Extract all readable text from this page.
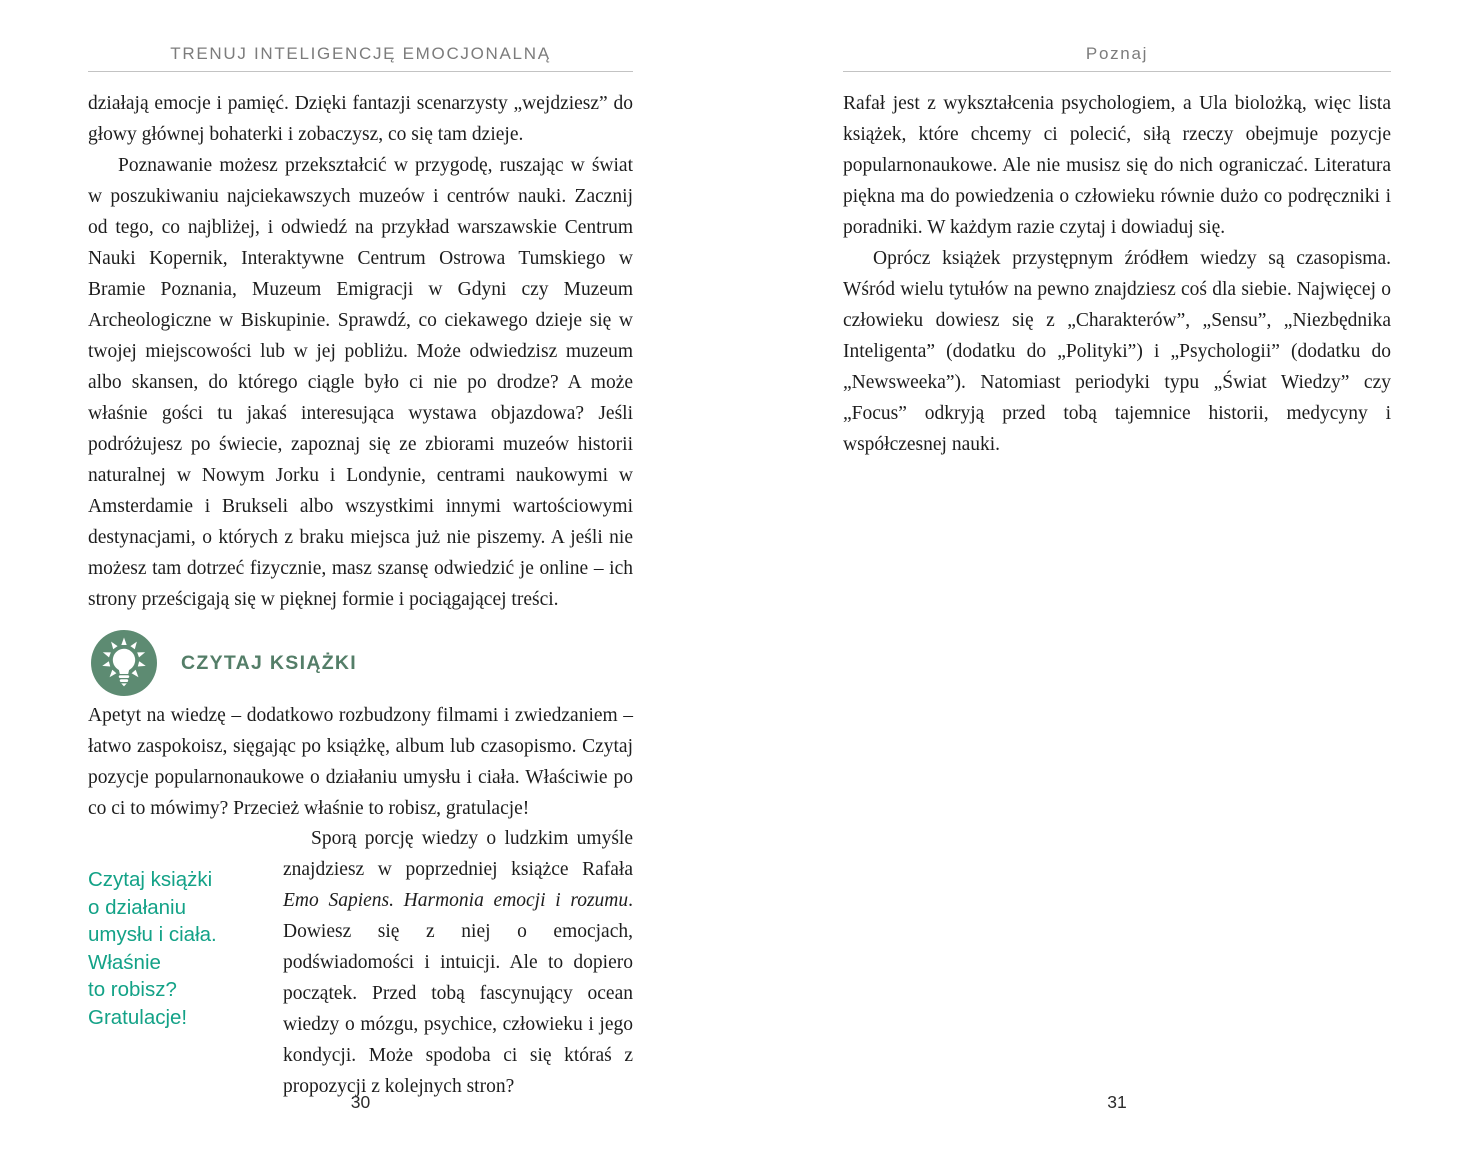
TRENUJ INTELIGENCJĘ EMOCJONALNĄ

działają emocje i pamięć. Dzięki fantazji scenarzysty „wejdziesz” do głowy głównej bohaterki i zobaczysz, co się tam dzieje.

Poznawanie możesz przekształcić w przygodę, ruszając w świat w poszukiwaniu najciekawszych muzeów i centrów nauki. Zacznij od tego, co najbliżej, i odwiedź na przykład warszawskie Centrum Nauki Kopernik, Interaktywne Centrum Ostrowa Tumskiego w Bramie Poznania, Muzeum Emigracji w Gdyni czy Muzeum Archeologiczne w Biskupinie. Sprawdź, co ciekawego dzieje się w twojej miejscowości lub w jej pobliżu. Może odwiedzisz muzeum albo skansen, do którego ciągle było ci nie po drodze? A może właśnie gości tu jakaś interesująca wystawa objazdowa? Jeśli podróżujesz po świecie, zapoznaj się ze zbiorami muzeów historii naturalnej w Nowym Jorku i Londynie, centrami naukowymi w Amsterdamie i Brukseli albo wszystkimi innymi wartościowymi destynacjami, o których z braku miejsca już nie piszemy. A jeśli nie możesz tam dotrzeć fizycznie, masz szansę odwiedzić je online – ich strony prześcigają się w pięknej formie i pociągającej treści.

CZYTAJ KSIĄŻKI

Apetyt na wiedzę – dodatkowo rozbudzony filmami i zwiedzaniem – łatwo zaspokoisz, sięgając po książkę, album lub czasopismo. Czytaj pozycje popularnonaukowe o działaniu umysłu i ciała. Właściwie po co ci to mówimy? Przecież właśnie to robisz, gratulacje!

Czytaj książki
o działaniu
umysłu i ciała.
Właśnie
to robisz?
Gratulacje!

Sporą porcję wiedzy o ludzkim umyśle znajdziesz w poprzedniej książce Rafała Emo Sapiens. Harmonia emocji i rozumu. Dowiesz się z niej o emocjach, podświadomości i intuicji. Ale to dopiero początek. Przed tobą fascynujący ocean wiedzy o mózgu, psychice, człowieku i jego kondycji. Może spodoba ci się któraś z propozycji z kolejnych stron?

30
Poznaj

Rafał jest z wykształcenia psychologiem, a Ula biolożką, więc lista książek, które chcemy ci polecić, siłą rzeczy obejmuje pozycje popularnonaukowe. Ale nie musisz się do nich ograniczać. Literatura piękna ma do powiedzenia o człowieku równie dużo co podręczniki i poradniki. W każdym razie czytaj i dowiaduj się.

Oprócz książek przystępnym źródłem wiedzy są czasopisma. Wśród wielu tytułów na pewno znajdziesz coś dla siebie. Najwięcej o człowieku dowiesz się z „Charakterów”, „Sensu”, „Niezbędnika Inteligenta” (dodatku do „Polityki”) i „Psychologii” (dodatku do „Newsweeka”). Natomiast periodyki typu „Świat Wiedzy” czy „Focus” odkryją przed tobą tajemnice historii, medycyny i współczesnej nauki.

31
